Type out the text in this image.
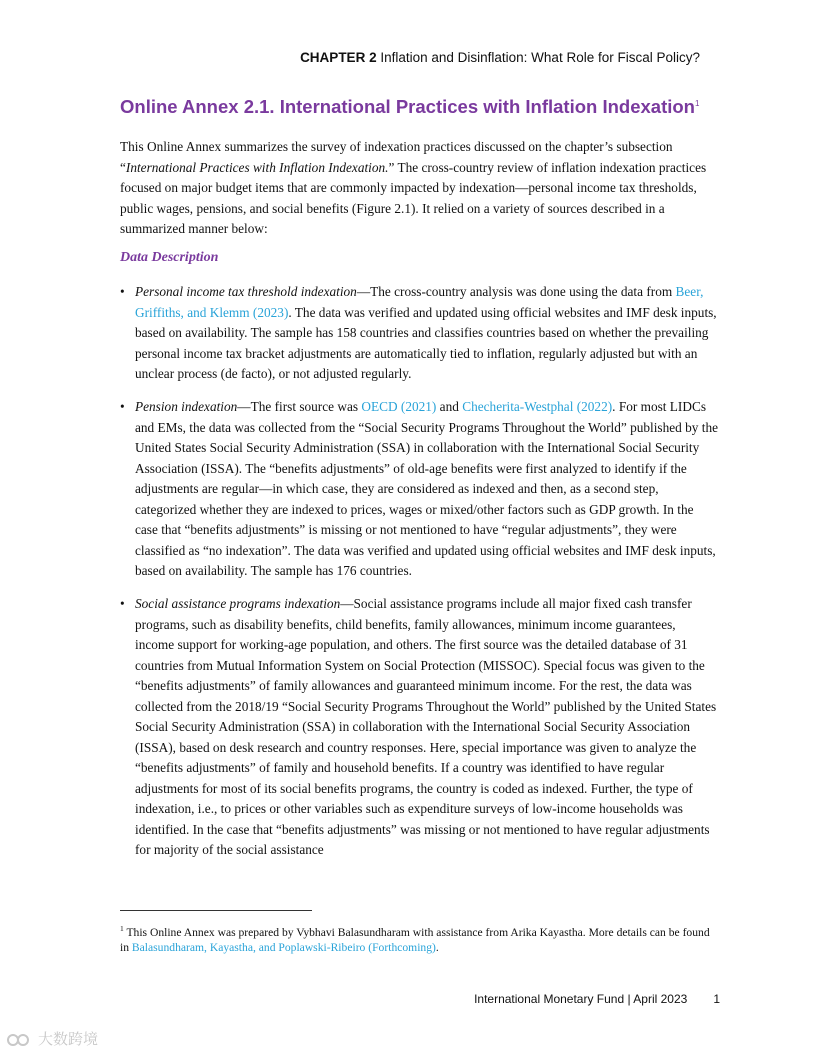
CHAPTER 2 Inflation and Disinflation: What Role for Fiscal Policy?
Online Annex 2.1. International Practices with Inflation Indexation$^1$

This Online Annex summarizes the survey of indexation practices discussed on the chapter’s subsection “International Practices with Inflation Indexation.” The cross-country review of inflation indexation practices focused on major budget items that are commonly impacted by indexation—personal income tax thresholds, public wages, pensions, and social benefits (Figure 2.1). It relied on a variety of sources described in a summarized manner below:

Data Description
• Personal income tax threshold indexation—The cross-country analysis was done using the data from Beer, Griffiths, and Klemm (2023). The data was verified and updated using official websites and IMF desk inputs, based on availability. The sample has 158 countries and classifies countries based on whether the prevailing personal income tax bracket adjustments are automatically tied to inflation, regularly adjusted but with an unclear process (de facto), or not adjusted regularly.
• Pension indexation—The first source was OECD (2021) and Checherita-Westphal (2022). For most LIDCs and EMs, the data was collected from the “Social Security Programs Throughout the World” published by the United States Social Security Administration (SSA) in collaboration with the International Social Security Association (ISSA). The “benefits adjustments” of old-age benefits were first analyzed to identify if the adjustments are regular—in which case, they are considered as indexed and then, as a second step, categorized whether they are indexed to prices, wages or mixed/other factors such as GDP growth. In the case that “benefits adjustments” is missing or not mentioned to have “regular adjustments”, they were classified as “no indexation”. The data was verified and updated using official websites and IMF desk inputs, based on availability. The sample has 176 countries.
• Social assistance programs indexation—Social assistance programs include all major fixed cash transfer programs, such as disability benefits, child benefits, family allowances, minimum income guarantees, income support for working-age population, and others. The first source was the detailed database of 31 countries from Mutual Information System on Social Protection (MISSOC). Special focus was given to the “benefits adjustments” of family allowances and guaranteed minimum income. For the rest, the data was collected from the 2018/19 “Social Security Programs Throughout the World” published by the United States Social Security Administration (SSA) in collaboration with the International Social Security Association (ISSA), based on desk research and country responses. Here, special importance was given to analyze the “benefits adjustments” of family and household benefits. If a country was identified to have regular adjustments for most of its social benefits programs, the country is coded as indexed. Further, the type of indexation, i.e., to prices or other variables such as expenditure surveys of low-income households was identified. In the case that “benefits adjustments” was missing or not mentioned to have regular adjustments for majority of the social assistance

$^1$ This Online Annex was prepared by Vybhavi Balasundharam with assistance from Arika Kayastha. More details can be found in Balasundharam, Kayastha, and Poplawski-Ribeiro (Forthcoming).

International Monetary Fund | April 2023 1
大数跨境
